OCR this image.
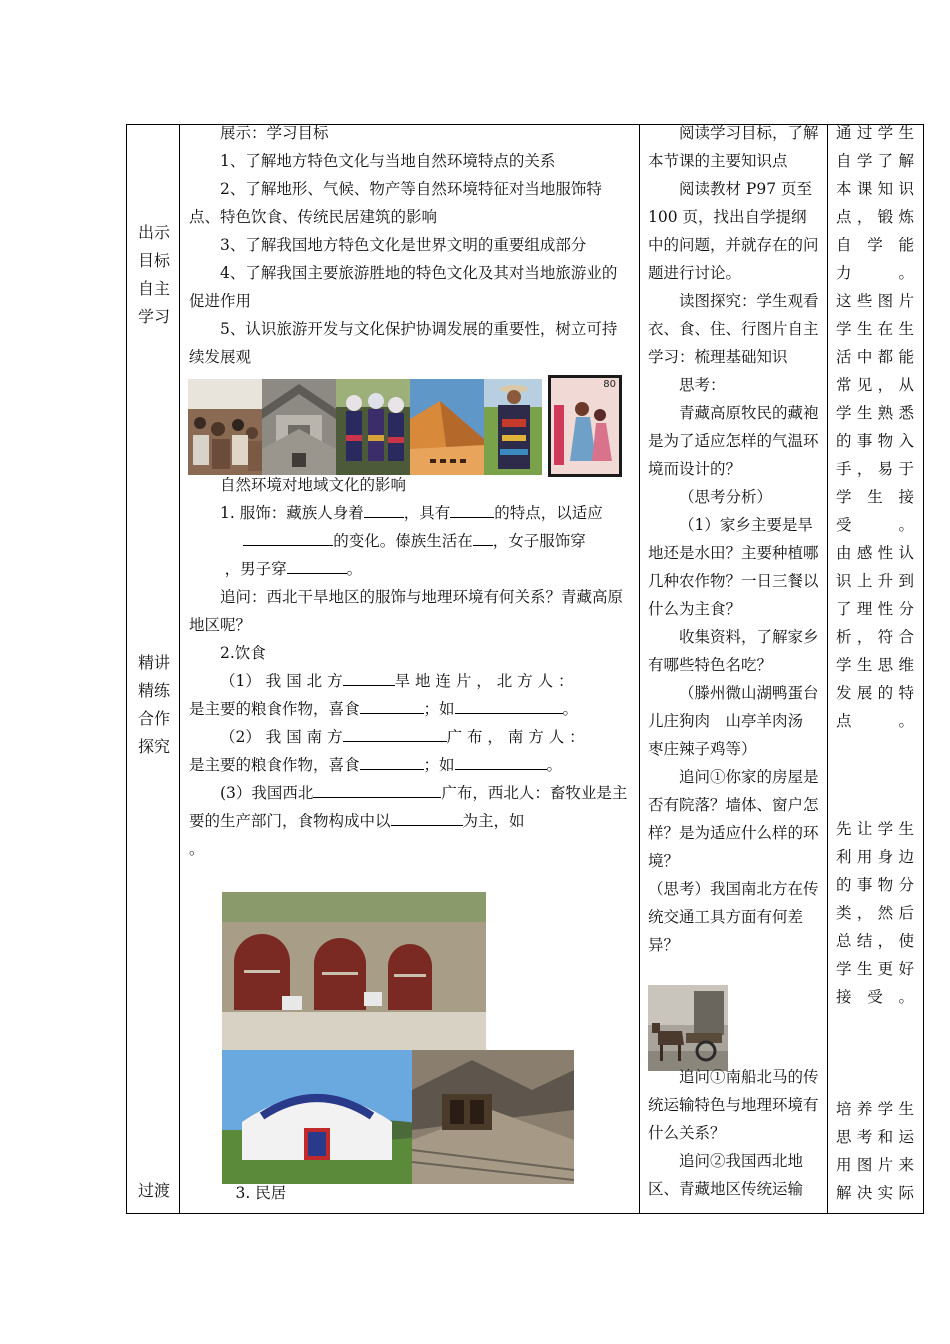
出示
目标
自主
学习
精讲
精练
合作
探究
过渡

展示：学习目标

1、了解地方特色文化与当地自然环境特点的关系

2、了解地形、气候、物产等自然环境特征对当地服饰特点、特色饮食、传统民居建筑的影响

3、了解我国地方特色文化是世界文明的重要组成部分

4、了解我国主要旅游胜地的特色文化及其对当地旅游业的促进作用

5、认识旅游开发与文化保护协调发展的重要性，树立可持续发展观

80

自然环境对地域文化的影响

1. 服饰：藏族人身着	，具有	的特点，以适应

的变化。傣族生活在 ，女子服饰穿

，男子穿	。

追问：西北干旱地区的服饰与地理环境有何关系？青藏高原地区呢？

2.饮食

（1） 我 国 北 方	旱 地 连 片 ， 北 方 人 ：

是主要的粮食作物，喜食	；如	。

（2） 我 国 南 方	广 布 ， 南 方 人 ：

是主要的粮食作物，喜食	；如	。

(3）我国西北	广布，西北人：畜牧业是主要的生产部门，食物构成中以	为主，如

。

3. 民居

阅读学习目标，了解本节课的主要知识点

阅读教材 P97 页至100 页，找出自学提纲中的问题，并就存在的问题进行讨论。

读图探究：学生观看衣、食、住、行图片自主学习：梳理基础知识

思考：

青藏高原牧民的藏袍是为了适应怎样的气温环境而设计的？

（思考分析）

（1）家乡主要是旱地还是水田？主要种植哪几种农作物？一日三餐以什么为主食？

收集资料，了解家乡有哪些特色名吃？

（滕州微山湖鸭蛋台儿庄狗肉　山亭羊肉汤　枣庄辣子鸡等）

追问①你家的房屋是否有院落？墙体、窗户怎样？是为适应什么样的环境？

（思考）我国南北方在传统交通工具方面有何差异？

追问①南船北马的传统运输特色与地理环境有什么关系？

追问②我国西北地区、青藏地区传统运输

通过学生自学了解本课知识点，锻炼自学能力。

这些图片学生在生活中都能常见，从学生熟悉的事物入手，易于学生接受。

由感性认识上升到了理性分析，符合学生思维发展的特点。

先让学生利用身边的事物分类，然后总结，使学生更好接受。

培养学生思考和运用图片来解决实际
